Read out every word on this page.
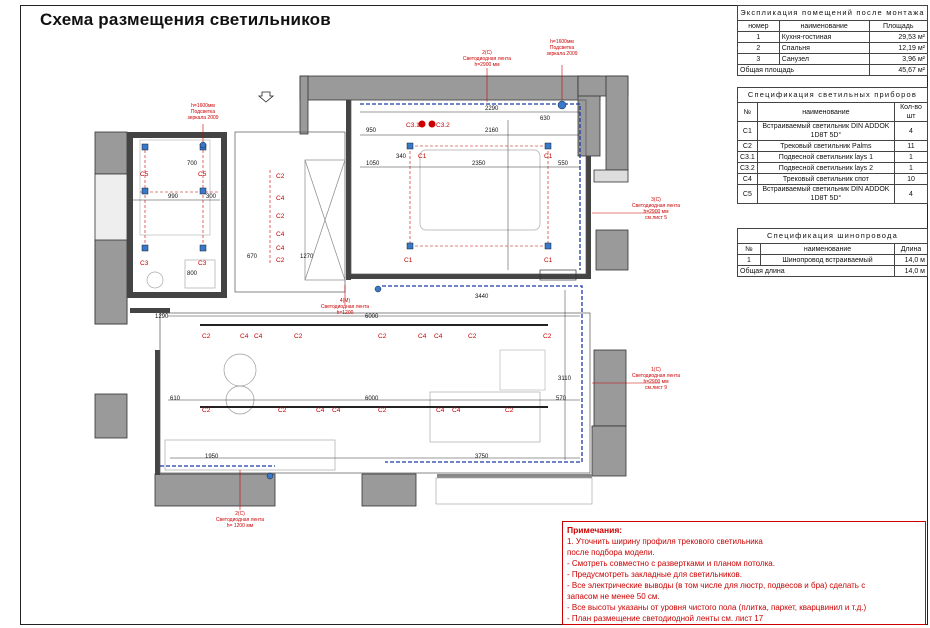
Схема размещения светильников
C5	C5
C3	C3	C1	C1
C1	C1
C3.1	C3.2
C2
C4
C2
C4
C4
C2
C2	C4 C4	C2	C2	C4 C4	C2	C2
C2	C2	C4 C4	C2	C4 C4	C2
2290
2160
950
2350	550
1050
340
990	300
670	1270
800
700
3440
6000
1290
6000
610	570
1950	3750
3110
630
2(С)
Светодиодная лента
h=2900 мм
h=1600мм
Подсветка
зеркала 2009
h=1600мм
Подсветка
зеркала 2009
3(С)
Светодиодная лента
h=2900 мм
см.лист 5
1(С)
Светодиодная лента
h=2900 мм
см.лист 9
2(С)
Светодиодная лента
h= 1200 мм
4(М)
Светодиодная лента
h=1200
Экспликация помещений после монтажа		
номер	наименование	Площадь
1	Кухня-гостиная	29,53 м²
2	Спальня	12,19 м²
3	Санузел	3,96 м²
Общая площадь		45,67 м²
Спецификация светильных приборов		
№	наименование	Кол-во шт
С1	Встраиваемый светильник DIN ADDOK 1D8T 5D°	4
С2	Трековый светильник Palms	11
С3.1	Подвесной светильник lays 1	1
С3.2	Подвесной светильник lays 2	1
С4	Трековый светильник спот	10
С5	Встраиваемый светильник DIN ADDOK 1D8T 5D°	4
Спецификация шинопровода		
№	наименование	Длина
1	Шинопровод встраиваемый	14,0 м
Общая длина		14,0 м
Примечания:
1. Уточнить ширину профиля трекового светильника
после подбора модели.
- Смотреть совместно с развертками и планом потолка.
- Предусмотреть закладные для светильников.
- Все электрические выводы (в том числе для люстр, подвесов и бра) сделать с
запасом не менее 50 см.
- Все высоты указаны от уровня чистого пола (плитка, паркет, кварцвинил и т.д.)
- План размещение светодиодной ленты см. лист 17
